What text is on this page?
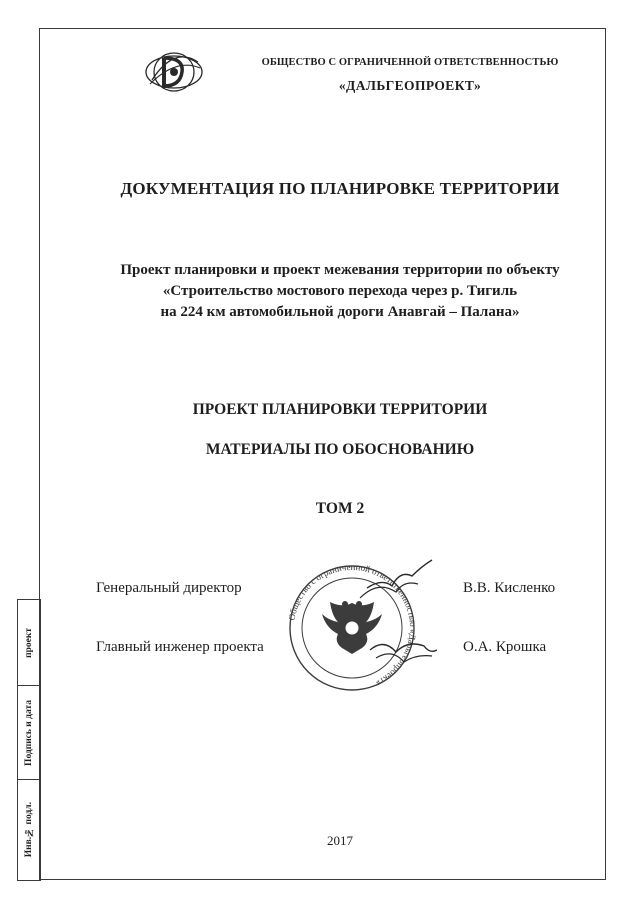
ОБЩЕСТВО С ОГРАНИЧЕННОЙ ОТВЕТСТВЕННОСТЬЮ
«ДАЛЬГЕОПРОЕКТ»
ДОКУМЕНТАЦИЯ ПО ПЛАНИРОВКЕ ТЕРРИТОРИИ
Проект планировки и проект межевания территории по объекту
«Строительство мостового перехода через р. Тигиль
на 224 км автомобильной дороги Анавгай – Палана»
ПРОЕКТ ПЛАНИРОВКИ ТЕРРИТОРИИ
МАТЕРИАЛЫ ПО ОБОСНОВАНИЮ
ТОМ 2
Общество с ограниченной ответственностью «Дальгеопроект»
Генеральный директор	В.В. Кисленко
Главный инженер проекта	О.А. Крошка
2017
проект
Подпись и дата
Инв.№ подл.
